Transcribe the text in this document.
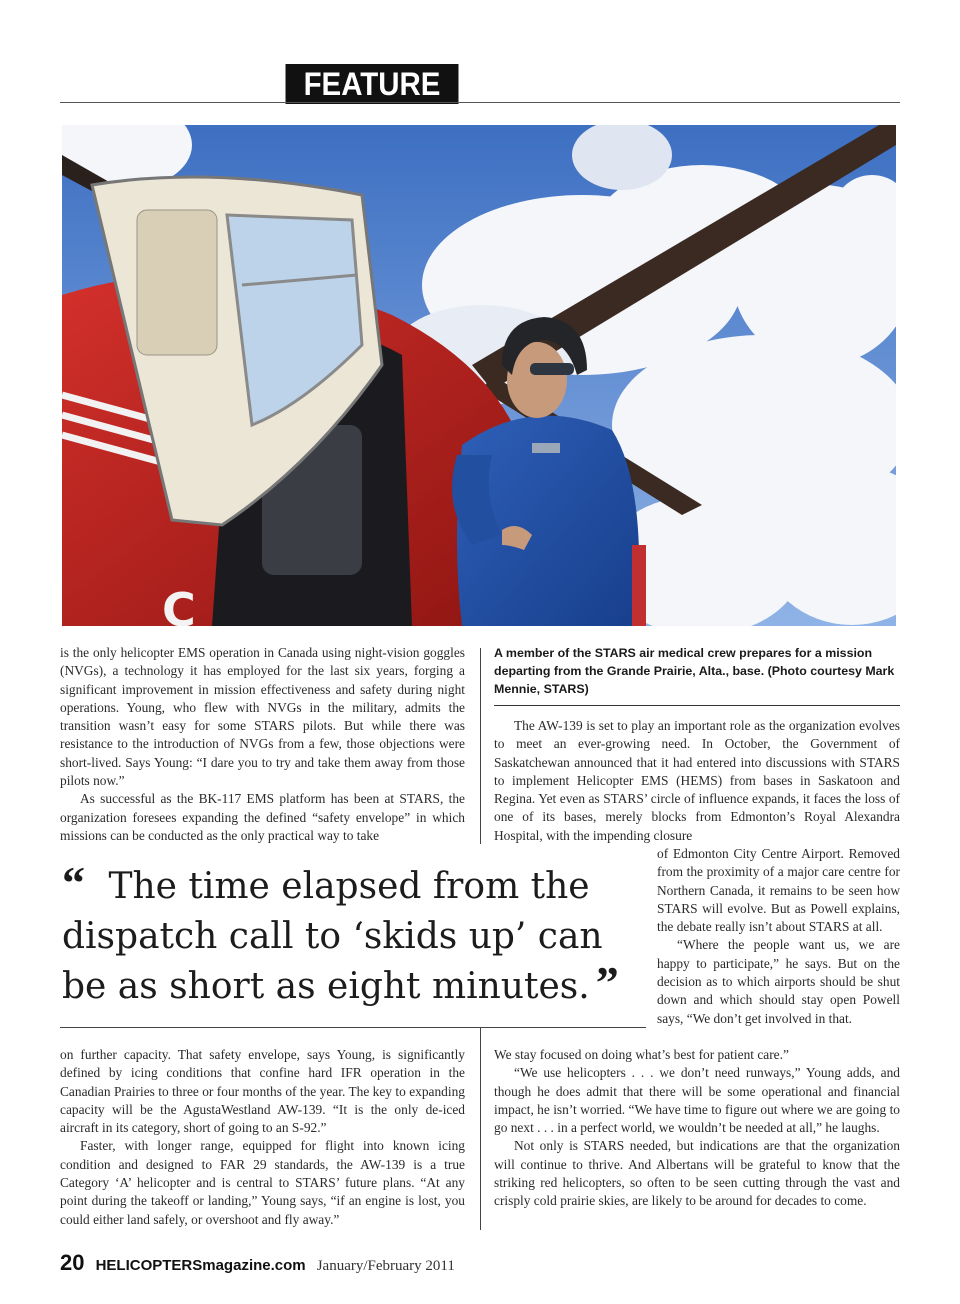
FEATURE
C

is the only helicopter EMS operation in Canada using night-vision goggles (NVGs), a technology it has employed for the last six years, forging a significant improvement in mission effectiveness and safety during night operations. Young, who flew with NVGs in the military, admits the transition wasn’t easy for some STARS pilots. But while there was resistance to the introduction of NVGs from a few, those objections were short-lived. Says Young: “I dare you to try and take them away from those pilots now.”

As successful as the BK-117 EMS platform has been at STARS, the organization foresees expanding the defined “safety envelope” in which missions can be conducted as the only practical way to take

A member of the STARS air medical crew prepares for a mission departing from the Grande Prairie, Alta., base. (Photo courtesy Mark Mennie, STARS)

The AW-139 is set to play an important role as the organization evolves to meet an ever-growing need. In October, the Government of Saskatchewan announced that it had entered into discussions with STARS to implement Helicopter EMS (HEMS) from bases in Saskatoon and Regina. Yet even as STARS’ circle of influence expands, it faces the loss of one of its bases, merely blocks from Edmonton’s Royal Alexandra Hospital, with the impending closure

“ The time elapsed from the dispatch call to ‘skids up’ can be as short as eight minutes. ”

of Edmonton City Centre Airport. Removed from the proximity of a major care centre for Northern Canada, it remains to be seen how STARS will evolve. But as Powell explains, the debate really isn’t about STARS at all.

“Where the people want us, we are happy to participate,” he says. But on the decision as to which airports should be shut down and which should stay open Powell says, “We don’t get involved in that.

on further capacity. That safety envelope, says Young, is significantly defined by icing conditions that confine hard IFR operation in the Canadian Prairies to three or four months of the year. The key to expanding capacity will be the AgustaWestland AW-139. “It is the only de-iced aircraft in its category, short of going to an S-92.”

Faster, with longer range, equipped for flight into known icing condition and designed to FAR 29 standards, the AW-139 is a true Category ‘A’ helicopter and is central to STARS’ future plans. “At any point during the takeoff or landing,” Young says, “if an engine is lost, you could either land safely, or overshoot and fly away.”

We stay focused on doing what’s best for patient care.”

“We use helicopters . . . we don’t need runways,” Young adds, and though he does admit that there will be some operational and financial impact, he isn’t worried. “We have time to figure out where we are going to go next . . . in a perfect world, we wouldn’t be needed at all,” he laughs.

Not only is STARS needed, but indications are that the organization will continue to thrive. And Albertans will be grateful to know that the striking red helicopters, so often to be seen cutting through the vast and crisply cold prairie skies, are likely to be around for decades to come.

20 HELICOPTERSmagazine.com January/February 2011
